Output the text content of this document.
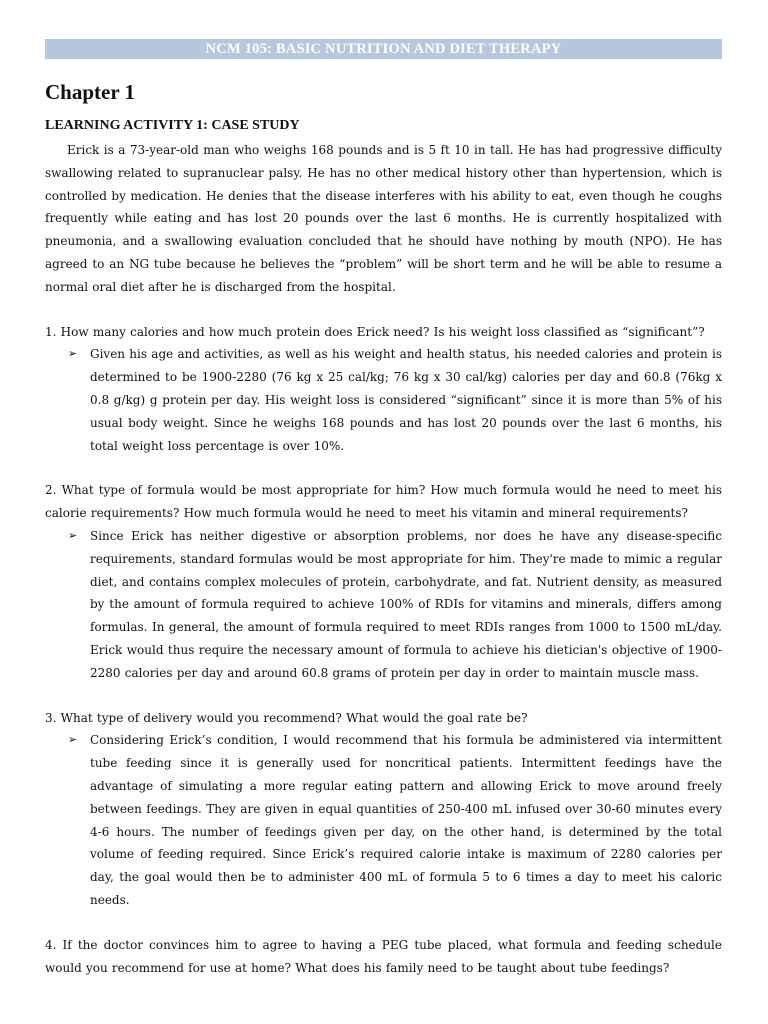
NCM 105: BASIC NUTRITION AND DIET THERAPY
Chapter 1
LEARNING ACTIVITY 1: CASE STUDY

Erick is a 73-year-old man who weighs 168 pounds and is 5 ft 10 in tall. He has had progressive difficulty swallowing related to supranuclear palsy. He has no other medical history other than hypertension, which is controlled by medication. He denies that the disease interferes with his ability to eat, even though he coughs frequently while eating and has lost 20 pounds over the last 6 months. He is currently hospitalized with pneumonia, and a swallowing evaluation concluded that he should have nothing by mouth (NPO). He has agreed to an NG tube because he believes the “problem” will be short term and he will be able to resume a normal oral diet after he is discharged from the hospital.

1. How many calories and how much protein does Erick need? Is his weight loss classified as “significant”?

➢ Given his age and activities, as well as his weight and health status, his needed calories and protein is determined to be 1900-2280 (76 kg x 25 cal/kg; 76 kg x 30 cal/kg) calories per day and 60.8 (76kg x 0.8 g/kg) g protein per day. His weight loss is considered “significant” since it is more than 5% of his usual body weight. Since he weighs 168 pounds and has lost 20 pounds over the last 6 months, his total weight loss percentage is over 10%.

2. What type of formula would be most appropriate for him? How much formula would he need to meet his calorie requirements? How much formula would he need to meet his vitamin and mineral requirements?

➢ Since Erick has neither digestive or absorption problems, nor does he have any disease-specific requirements, standard formulas would be most appropriate for him. They're made to mimic a regular diet, and contains complex molecules of protein, carbohydrate, and fat. Nutrient density, as measured by the amount of formula required to achieve 100% of RDIs for vitamins and minerals, differs among formulas. In general, the amount of formula required to meet RDIs ranges from 1000 to 1500 mL/day. Erick would thus require the necessary amount of formula to achieve his dietician's objective of 1900-2280 calories per day and around 60.8 grams of protein per day in order to maintain muscle mass.

3. What type of delivery would you recommend? What would the goal rate be?

➢ Considering Erick’s condition, I would recommend that his formula be administered via intermittent tube feeding since it is generally used for noncritical patients. Intermittent feedings have the advantage of simulating a more regular eating pattern and allowing Erick to move around freely between feedings. They are given in equal quantities of 250-400 mL infused over 30-60 minutes every 4-6 hours. The number of feedings given per day, on the other hand, is determined by the total volume of feeding required. Since Erick’s required calorie intake is maximum of 2280 calories per day, the goal would then be to administer 400 mL of formula 5 to 6 times a day to meet his caloric needs.

4. If the doctor convinces him to agree to having a PEG tube placed, what formula and feeding schedule would you recommend for use at home? What does his family need to be taught about tube feedings?
